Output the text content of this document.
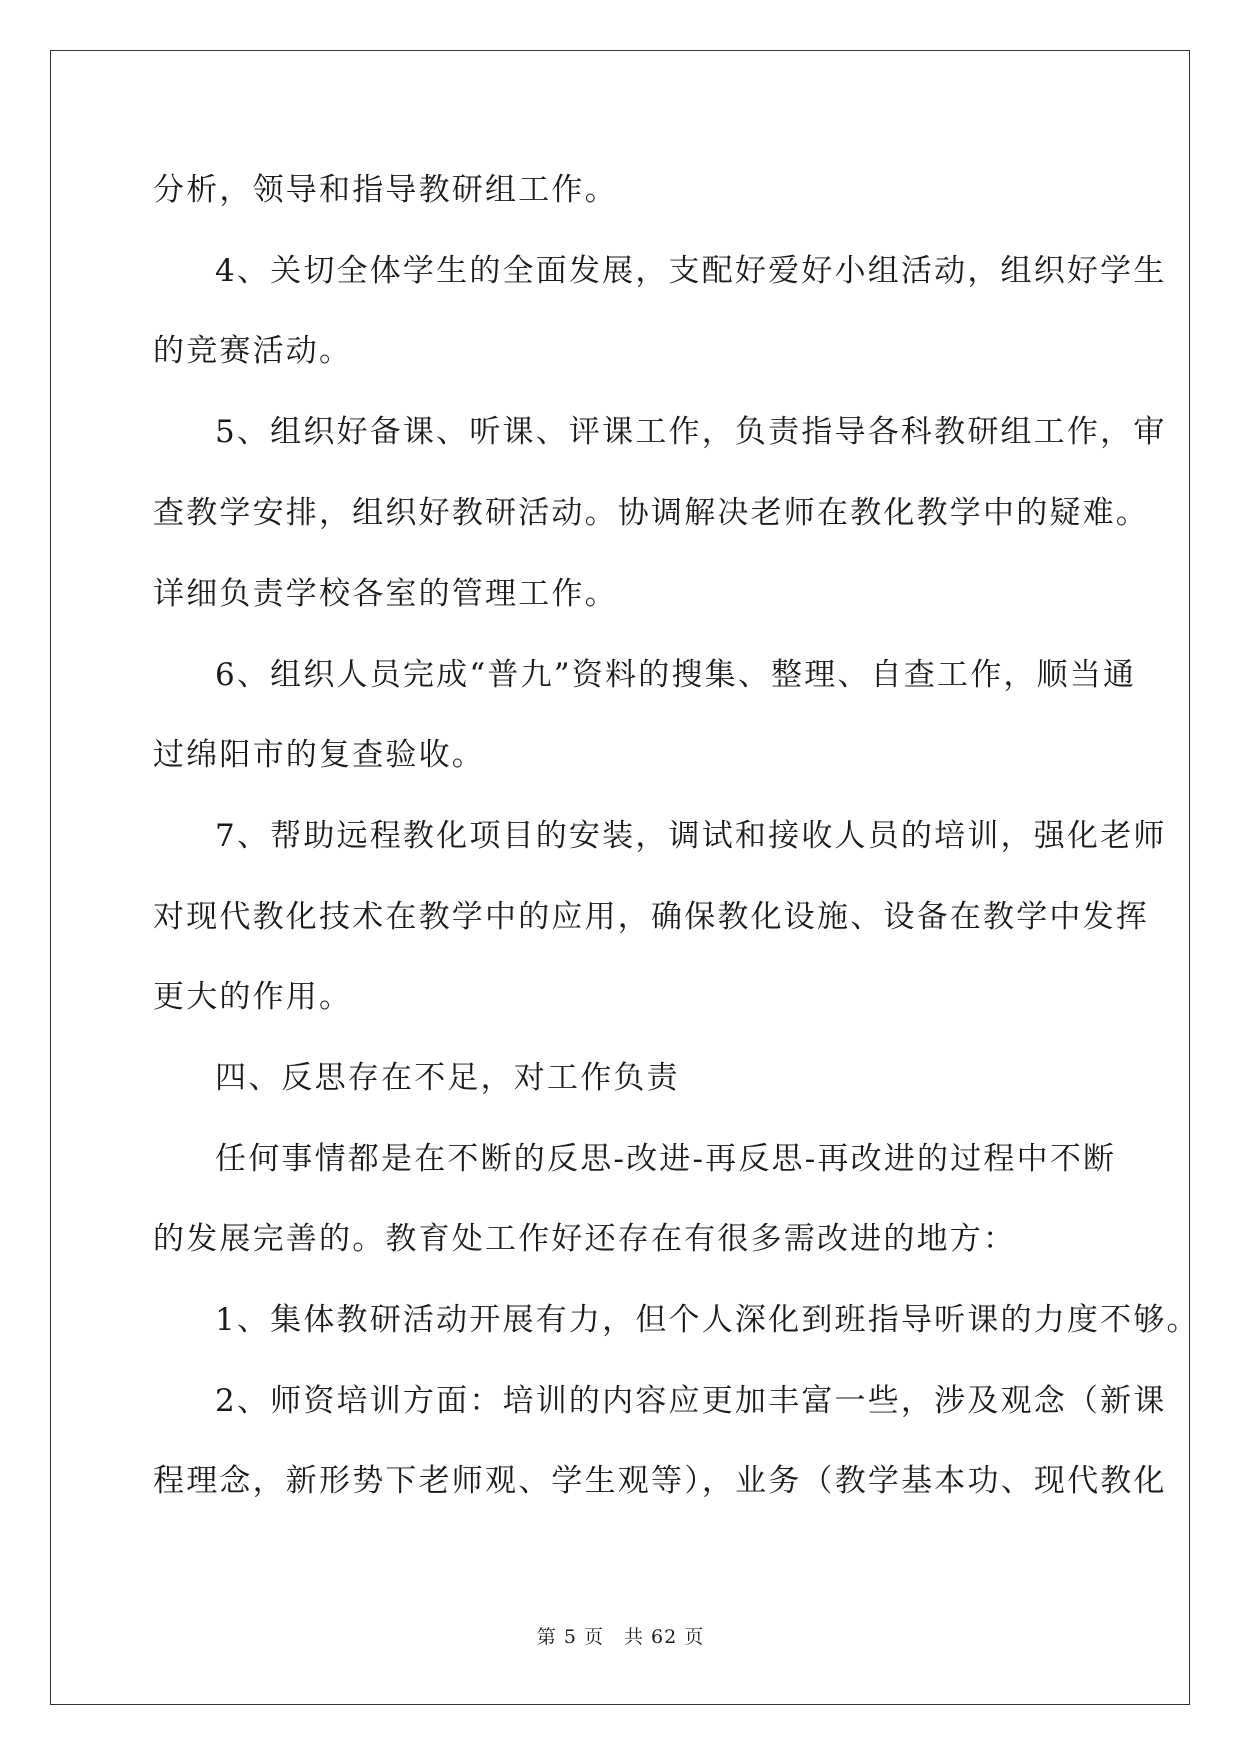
分析，领导和指导教研组工作。
4、关切全体学生的全面发展，支配好爱好小组活动，组织好学生
的竞赛活动。
5、组织好备课、听课、评课工作，负责指导各科教研组工作，审
查教学安排，组织好教研活动。协调解决老师在教化教学中的疑难。
详细负责学校各室的管理工作。
6、组织人员完成“普九”资料的搜集、整理、自查工作，顺当通
过绵阳市的复查验收。
7、帮助远程教化项目的安装，调试和接收人员的培训，强化老师
对现代教化技术在教学中的应用，确保教化设施、设备在教学中发挥
更大的作用。
四、反思存在不足，对工作负责
任何事情都是在不断的反思-改进-再反思-再改进的过程中不断
的发展完善的。教育处工作好还存在有很多需改进的地方：
1、集体教研活动开展有力，但个人深化到班指导听课的力度不够。
2、师资培训方面：培训的内容应更加丰富一些，涉及观念（新课
程理念，新形势下老师观、学生观等），业务（教学基本功、现代教化
第 5 页　共 62 页
